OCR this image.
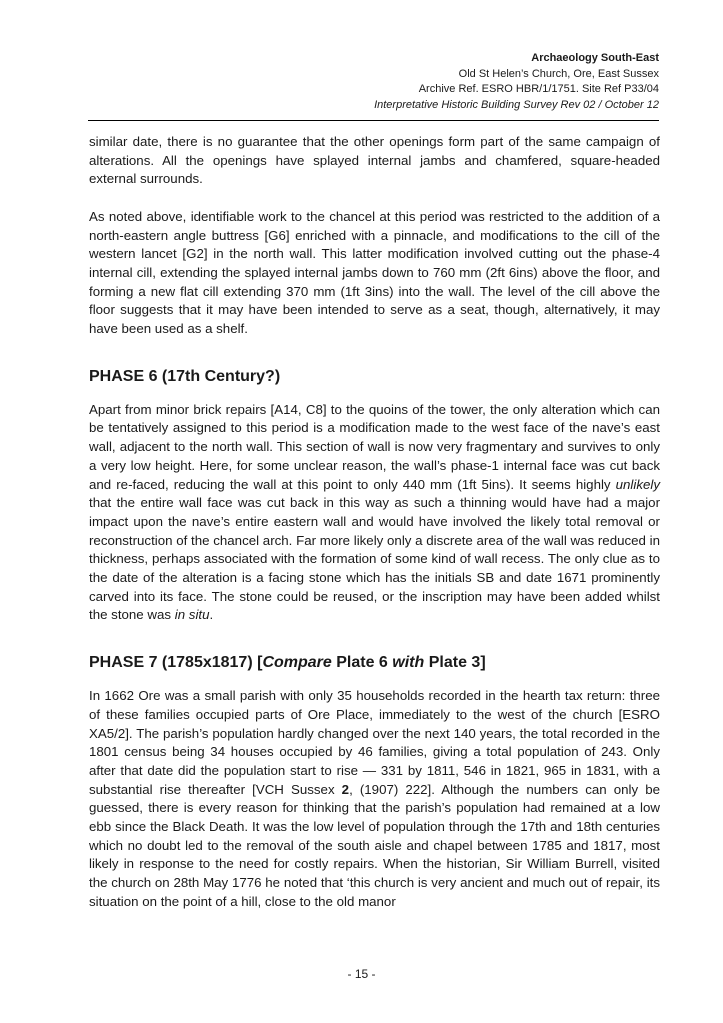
Archaeology South-East
Old St Helen’s Church, Ore, East Sussex
Archive Ref. ESRO HBR/1/1751. Site Ref P33/04
Interpretative Historic Building Survey Rev 02 / October 12

similar date, there is no guarantee that the other openings form part of the same campaign of alterations. All the openings have splayed internal jambs and chamfered, square-headed external surrounds.

As noted above, identifiable work to the chancel at this period was restricted to the addition of a north-eastern angle buttress [G6] enriched with a pinnacle, and modifications to the cill of the western lancet [G2] in the north wall. This latter modification involved cutting out the phase-4 internal cill, extending the splayed internal jambs down to 760 mm (2ft 6ins) above the floor, and forming a new flat cill extending 370 mm (1ft 3ins) into the wall. The level of the cill above the floor suggests that it may have been intended to serve as a seat, though, alternatively, it may have been used as a shelf.

PHASE 6 (17th Century?)

Apart from minor brick repairs [A14, C8] to the quoins of the tower, the only alteration which can be tentatively assigned to this period is a modification made to the west face of the nave’s east wall, adjacent to the north wall. This section of wall is now very fragmentary and survives to only a very low height. Here, for some unclear reason, the wall’s phase-1 internal face was cut back and re-faced, reducing the wall at this point to only 440 mm (1ft 5ins). It seems highly unlikely that the entire wall face was cut back in this way as such a thinning would have had a major impact upon the nave’s entire eastern wall and would have involved the likely total removal or reconstruction of the chancel arch. Far more likely only a discrete area of the wall was reduced in thickness, perhaps associated with the formation of some kind of wall recess. The only clue as to the date of the alteration is a facing stone which has the initials SB and date 1671 prominently carved into its face. The stone could be reused, or the inscription may have been added whilst the stone was in situ.

PHASE 7 (1785x1817) [Compare Plate 6 with Plate 3]

In 1662 Ore was a small parish with only 35 households recorded in the hearth tax return: three of these families occupied parts of Ore Place, immediately to the west of the church [ESRO XA5/2]. The parish’s population hardly changed over the next 140 years, the total recorded in the 1801 census being 34 houses occupied by 46 families, giving a total population of 243. Only after that date did the population start to rise — 331 by 1811, 546 in 1821, 965 in 1831, with a substantial rise thereafter [VCH Sussex 2, (1907) 222]. Although the numbers can only be guessed, there is every reason for thinking that the parish’s population had remained at a low ebb since the Black Death. It was the low level of population through the 17th and 18th centuries which no doubt led to the removal of the south aisle and chapel between 1785 and 1817, most likely in response to the need for costly repairs. When the historian, Sir William Burrell, visited the church on 28th May 1776 he noted that ‘this church is very ancient and much out of repair, its situation on the point of a hill, close to the old manor

- 15 -
